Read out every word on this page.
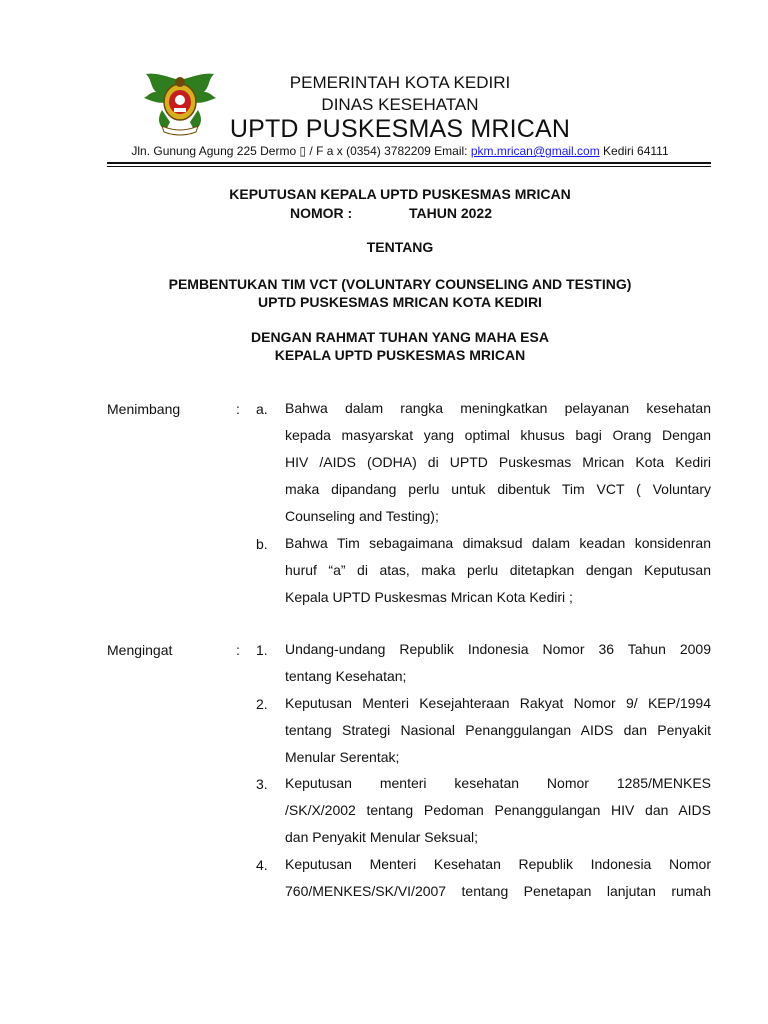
PEMERINTAH KOTA KEDIRI
DINAS KESEHATAN
UPTD PUSKESMAS MRICAN
Jln. Gunung Agung 225 Dermo ▯ / F a x (0354) 3782209 Email: pkm.mrican@gmail.com Kediri 64111
KEPUTUSAN KEPALA UPTD PUSKESMAS MRICAN
NOMOR :	TAHUN 2022
TENTANG
PEMBENTUKAN TIM VCT (VOLUNTARY COUNSELING AND TESTING)
UPTD PUSKESMAS MRICAN KOTA KEDIRI
DENGAN RAHMAT TUHAN YANG MAHA ESA
KEPALA UPTD PUSKESMAS MRICAN
Menimbang	: a. Bahwa dalam rangka meningkatkan pelayanan kesehatan
kepada masyarskat yang optimal khusus bagi Orang Dengan
HIV /AIDS (ODHA) di UPTD Puskesmas Mrican Kota Kediri
maka dipandang perlu untuk dibentuk Tim VCT ( Voluntary
Counseling and Testing);
b. Bahwa Tim sebagaimana dimaksud dalam keadan konsidenran
huruf “a” di atas, maka perlu ditetapkan dengan Keputusan
Kepala UPTD Puskesmas Mrican Kota Kediri ;
Mengingat	: 1. Undang-undang Republik Indonesia Nomor 36 Tahun 2009
tentang Kesehatan;
2. Keputusan Menteri Kesejahteraan Rakyat Nomor 9/ KEP/1994
tentang Strategi Nasional Penanggulangan AIDS dan Penyakit
Menular Serentak;
3. Keputusan menteri kesehatan Nomor 1285/MENKES
/SK/X/2002 tentang Pedoman Penanggulangan HIV dan AIDS
dan Penyakit Menular Seksual;
4. Keputusan Menteri Kesehatan Republik Indonesia Nomor
760/MENKES/SK/VI/2007 tentang Penetapan lanjutan rumah
